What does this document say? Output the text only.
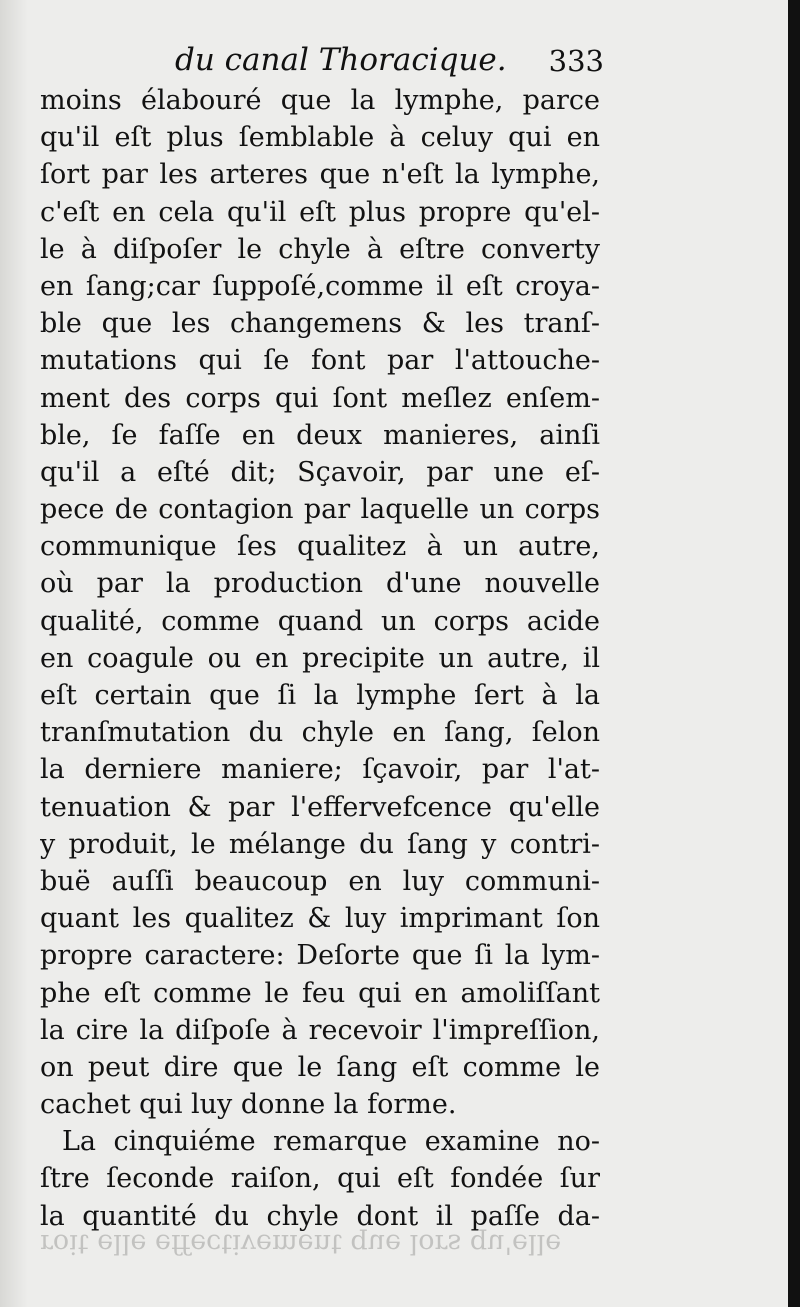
du canal Thoracique. 333
moins élabouré que la lymphe, parce
qu'il eſt plus ſemblable à celuy qui en
ſort par les arteres que n'eſt la lymphe,
c'eſt en cela qu'il eſt plus propre qu'el-
le à diſpoſer le chyle à eſtre converty
en ſang;car ſuppoſé,comme il eſt croya-
ble que les changemens & les tranſ-
mutations qui ſe font par l'attouche-
ment des corps qui ſont meſlez enſem-
ble, ſe faſſe en deux manieres, ainſi
qu'il a eſté dit; Sçavoir, par une eſ-
pece de contagion par laquelle un corps
communique ſes qualitez à un autre,
où par la production d'une nouvelle
qualité, comme quand un corps acide
en coagule ou en precipite un autre, il
eſt certain que ſi la lymphe ſert à la
tranſmutation du chyle en ſang, ſelon
la derniere maniere; ſçavoir, par l'at-
tenuation & par l'effervefcence qu'elle
y produit, le mélange du ſang y contri-
buë auſſi beaucoup en luy communi-
quant les qualitez & luy imprimant ſon
propre caractere: Deſorte que ſi la lym-
phe eſt comme le feu qui en amoliſſant
la cire la diſpoſe à recevoir l'impreſſion,
on peut dire que le ſang eſt comme le
cachet qui luy donne la forme.
La cinquiéme remarque examine no-
ſtre ſeconde raiſon, qui eſt fondée ſur
la quantité du chyle dont il paſſe da-
roit elle effectivement que lors qu'elle
